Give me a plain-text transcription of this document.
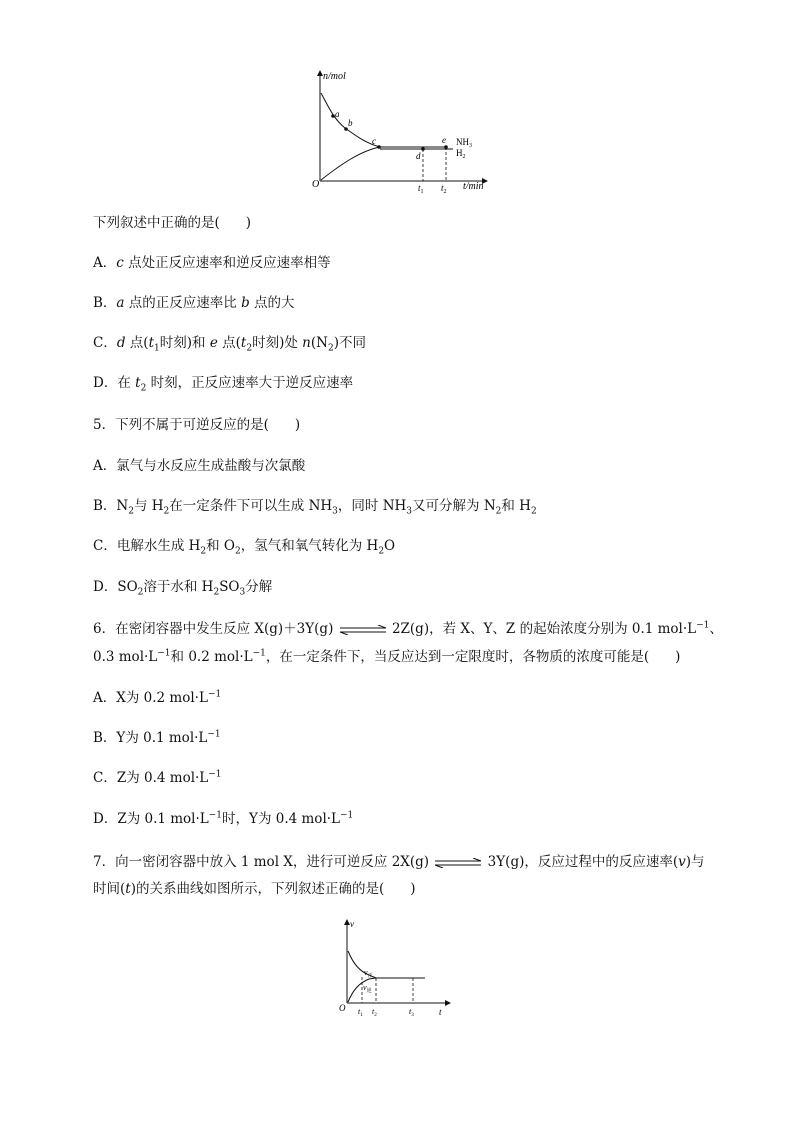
n/mol
t/min
O
a
b
c
d
e $NH_3$
$H_2$
$t_1$ $t_2$
下列叙述中正确的是( )
A．c 点处正反应速率和逆反应速率相等
B．a 点的正反应速率比 b 点的大
C．d 点($t_1$时刻)和 e 点($t_2$时刻)处 $n(N_2)$不同
D．在 $t_2$ 时刻，正反应速率大于逆反应速率
5．下列不属于可逆反应的是( )
A．氯气与水反应生成盐酸与次氯酸
B．$N_2$与 $H_2$在一定条件下可以生成 $NH_3$，同时 $NH_3$又可分解为 $N_2$和 $H_2$
C．电解水生成 $H_2$和 $O_2$，氢气和氧气转化为 $H_2O$
D．$SO_2$溶于水和 $H_2SO_3$分解
6．在密闭容器中发生反应 X(g)＋3Y(g) ⇌ 2Z(g)，若 X、Y、Z 的起始浓度分别为 0.1 $mol\cdot L^{-1}$、
0.3 $mol\cdot L^{-1}$和 0.2 $mol\cdot L^{-1}$，在一定条件下，当反应达到一定限度时，各物质的浓度可能是( )
A．X为 0.2 $mol\cdot L^{-1}$
B．Y为 0.1 $mol\cdot L^{-1}$
C．Z为 0.4 $mol\cdot L^{-1}$
D．Z为 0.1 $mol\cdot L^{-1}$时，Y为 0.4 $mol\cdot L^{-1}$
7．向一密闭容器中放入 1 mol X，进行可逆反应 2X(g) ⇌ 3Y(g)，反应过程中的反应速率(v)与
时间(t)的关系曲线如图所示，下列叙述正确的是( )
v
t
O
$v_正$
$v_逆$
$t_1$ $t_2$	$t_3$
